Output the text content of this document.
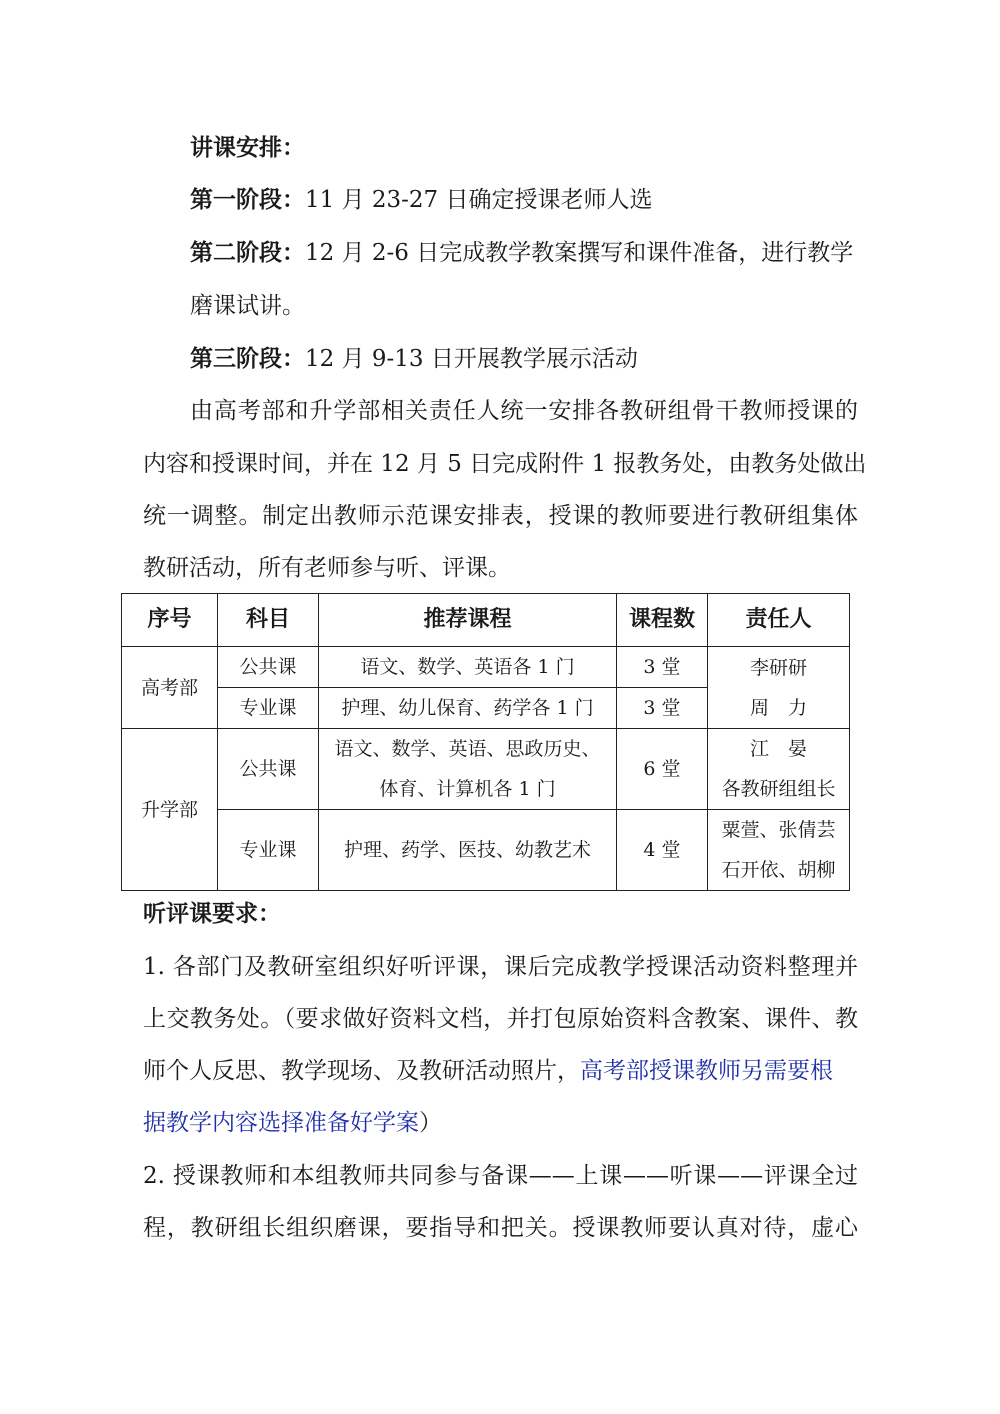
讲课安排：
第一阶段：11 月 23-27 日确定授课老师人选
第二阶段：12 月 2-6 日完成教学教案撰写和课件准备，进行教学
磨课试讲。
第三阶段：12 月 9-13 日开展教学展示活动
由高考部和升学部相关责任人统一安排各教研组骨干教师授课的
内容和授课时间，并在 12 月 5 日完成附件 1 报教务处，由教务处做出
统一调整。制定出教师示范课安排表，授课的教师要进行教研组集体
教研活动，所有老师参与听、评课。
序号	科目	推荐课程	课程数	责任人
高考部	公共课	语文、数学、英语各 1 门	3 堂	李研研
周　力

	专业课	护理、幼儿保育、药学各 1 门	3 堂	
升学部	公共课	语文、数学、英语、思政历史、
体育、计算机各 1 门	6 堂	江　晏
各教研组组长

	专业课	护理、药学、医技、幼教艺术	4 堂	粟萱、张倩芸
石开依、胡柳
听评课要求：
1. 各部门及教研室组织好听评课，课后完成教学授课活动资料整理并
上交教务处。（要求做好资料文档，并打包原始资料含教案、课件、教
师个人反思、教学现场、及教研活动照片，高考部授课教师另需要根
据教学内容选择准备好学案）
2. 授课教师和本组教师共同参与备课——上课——听课——评课全过
程，教研组长组织磨课，要指导和把关。授课教师要认真对待，虚心
